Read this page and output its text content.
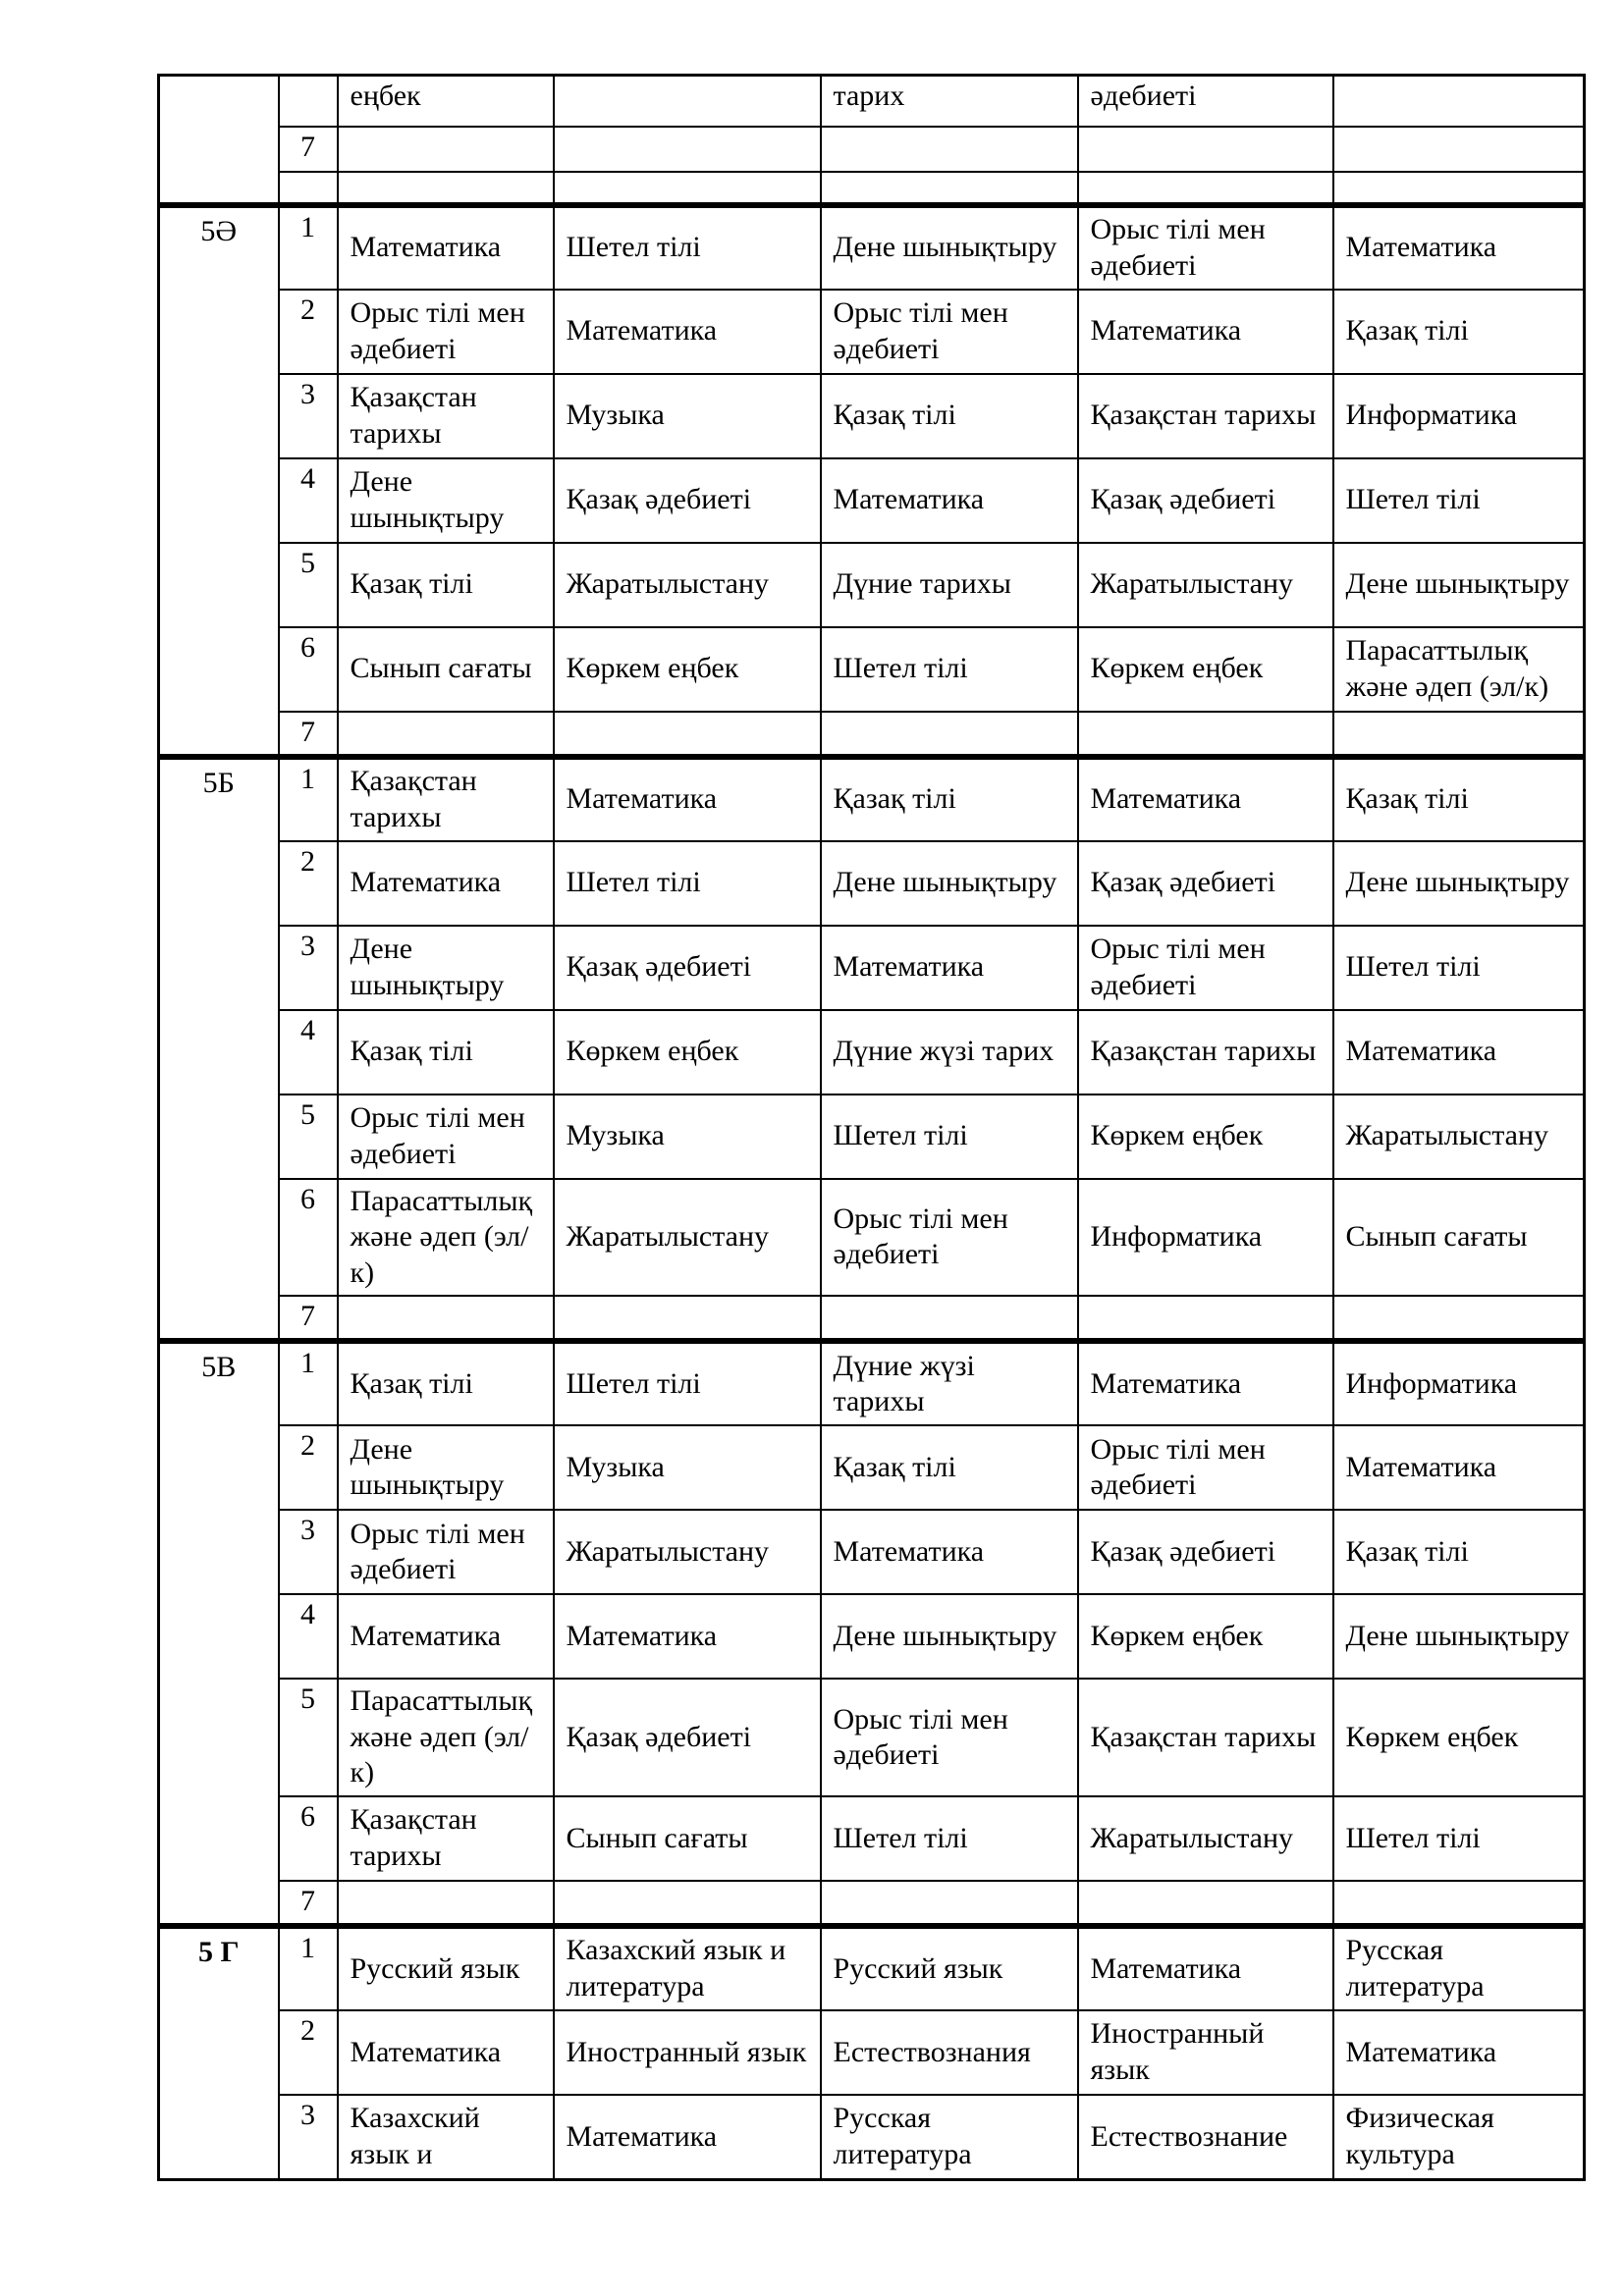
		еңбек		тарих	әдебиеті	
	7					

5Ә	1	Математика	Шетел тілі	Дене шынықтыру	Орыс тілі мен әдебиеті	Математика
	2	Орыс тілі мен әдебиеті	Математика	Орыс тілі мен әдебиеті	Математика	Қазақ тілі
	3	Қазақстан тарихы	Музыка	Қазақ тілі	Қазақстан тарихы	Информатика
	4	Дене шынықтыру	Қазақ әдебиеті	Математика	Қазақ әдебиеті	Шетел тілі
	5	Қазақ тілі	Жаратылыстану	Дүние тарихы	Жаратылыстану	Дене шынықтыру
	6	Сынып сағаты	Көркем еңбек	Шетел тілі	Көркем еңбек	Парасаттылық және әдеп (эл/к)
	7					
5Б	1	Қазақстан тарихы	Математика	Қазақ тілі	Математика	Қазақ тілі
	2	Математика	Шетел тілі	Дене шынықтыру	Қазақ әдебиеті	Дене шынықтыру
	3	Дене шынықтыру	Қазақ әдебиеті	Математика	Орыс тілі мен әдебиеті	Шетел тілі
	4	Қазақ тілі	Көркем еңбек	Дүние жүзі тарих	Қазақстан тарихы	Математика
	5	Орыс тілі мен әдебиеті	Музыка	Шетел тілі	Көркем еңбек	Жаратылыстану
	6	Парасаттылық және әдеп (эл/к)	Жаратылыстану	Орыс тілі мен әдебиеті	Информатика	Сынып сағаты
	7					
5В	1	Қазақ тілі	Шетел тілі	Дүние жүзі тарихы	Математика	Информатика
	2	Дене шынықтыру	Музыка	Қазақ тілі	Орыс тілі мен әдебиеті	Математика
	3	Орыс тілі мен әдебиеті	Жаратылыстану	Математика	Қазақ әдебиеті	Қазақ тілі
	4	Математика	Математика	Дене шынықтыру	Көркем еңбек	Дене шынықтыру
	5	Парасаттылық және әдеп (эл/к)	Қазақ әдебиеті	Орыс тілі мен әдебиеті	Қазақстан тарихы	Көркем еңбек
	6	Қазақстан тарихы	Сынып сағаты	Шетел тілі	Жаратылыстану	Шетел тілі
	7					
5 Г	1	Русский язык	Казахский язык и литература	Русский язык	Математика	Русская литература
	2	Математика	Иностранный язык	Естествознания	Иностранный язык	Математика
	3	Казахский язык и	Математика	Русская литература	Естествознание	Физическая культура
